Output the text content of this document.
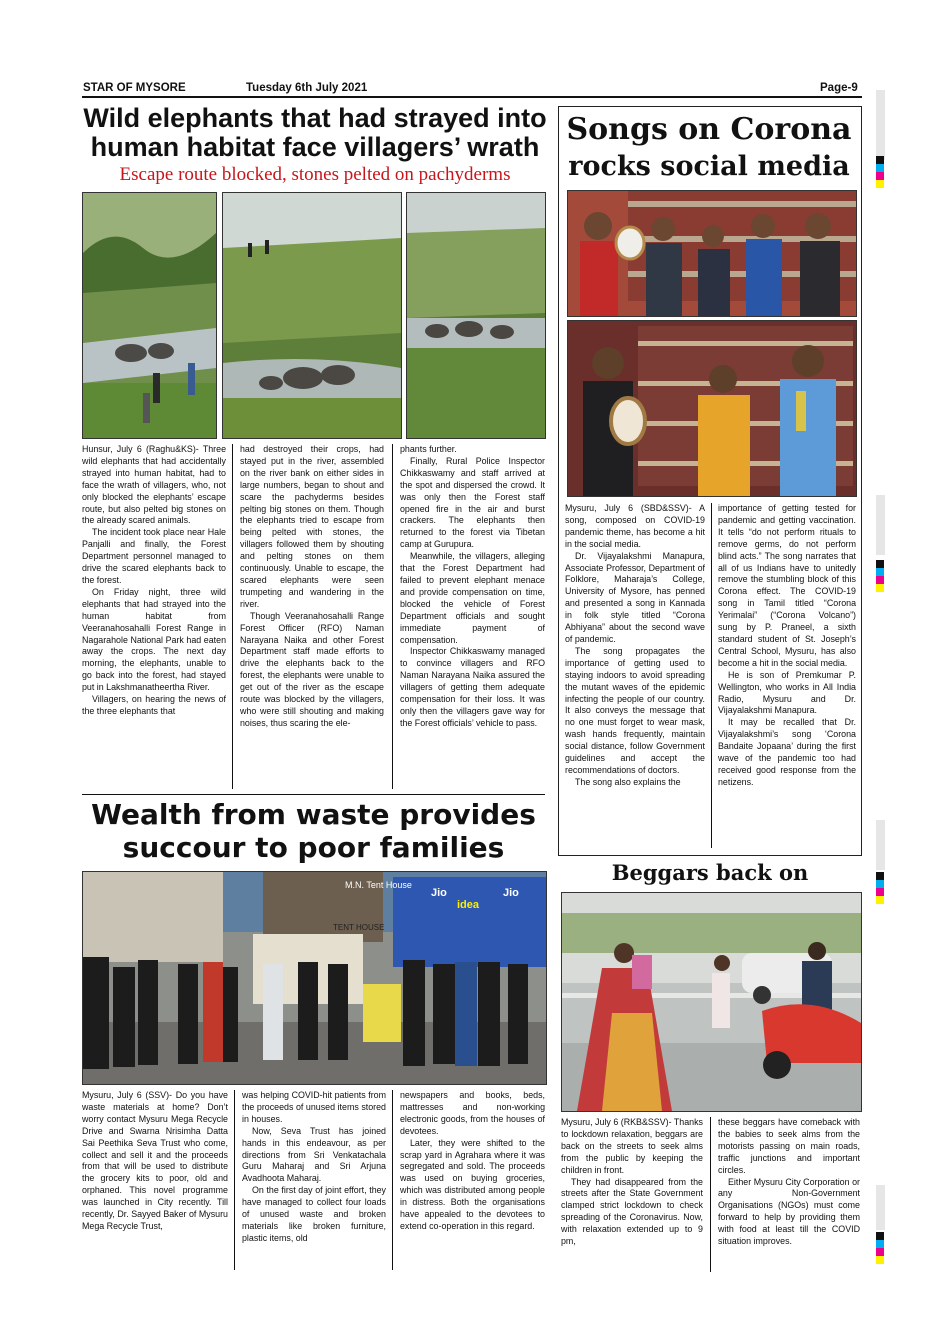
STAR OF MYSORE	Tuesday 6th July 2021	Page-9
Wild elephants that had strayed into
human habitat face villagers’ wrath
Escape route blocked, stones pelted on pachyderms

Hunsur, July 6 (Raghu&KS)- Three wild elephants that had accidentally strayed into human habitat, had to face the wrath of villagers, who, not only blocked the elephants’ escape route, but also pelted big stones on the already scared animals.

The incident took place near Hale Panjalli and finally, the Forest Department personnel managed to drive the scared elephants back to the forest.

On Friday night, three wild elephants that had strayed into the human habitat from Veeranahosahalli Forest Range in Nagarahole National Park had eaten away the crops. The next day morning, the elephants, unable to go back into the forest, had stayed put in Lakshmanatheertha River.

Villagers, on hearing the news of the three elephants that

had destroyed their crops, had stayed put in the river, assembled on the river bank on either sides in large numbers, began to shout and scare the pachyderms besides pelting big stones on them. Though the elephants tried to escape from being pelted with stones, the villagers followed them by shouting and pelting stones on them continuously. Unable to escape, the scared elephants were seen trumpeting and wandering in the river.

Though Veeranahosahalli Range Forest Officer (RFO) Naman Narayana Naika and other Forest Department staff made efforts to drive the elephants back to the forest, the elephants were unable to get out of the river as the escape route was blocked by the villagers, who were still shouting and making noises, thus scaring the ele-

phants further.

Finally, Rural Police Inspector Chikkaswamy and staff arrived at the spot and dispersed the crowd. It was only then the Forest staff opened fire in the air and burst crackers. The elephants then returned to the forest via Tibetan camp at Gurupura.

Meanwhile, the villagers, alleging that the Forest Department had failed to prevent elephant menace and provide compensation on time, blocked the vehicle of Forest Department officials and sought immediate payment of compensation.

Inspector Chikkaswamy managed to convince villagers and RFO Naman Narayana Naika assured the villagers of getting them adequate compensation for their loss. It was only then the villagers gave way for the Forest officials’ vehicle to pass.

Songs on Corona
rocks social media

Mysuru, July 6 (SBD&SSV)- A song, composed on COVID-19 pandemic theme, has become a hit in the social media.

Dr. Vijayalakshmi Manapura, Associate Professor, Department of Folklore, Maharaja’s College, University of Mysore, has penned and presented a song in Kannada in folk style titled “Corona Abhiyana” about the second wave of pandemic.

The song propagates the importance of getting used to staying indoors to avoid spreading the mutant waves of the epidemic infecting the people of our country. It also conveys the message that no one must forget to wear mask, wash hands frequently, maintain social distance, follow Government guidelines and accept the recommendations of doctors.

The song also explains the

importance of getting tested for pandemic and getting vaccination. It tells “do not perform rituals to remove germs, do not perform blind acts.” The song narrates that all of us Indians have to unitedly remove the stumbling block of this Corona effect. The COVID-19 song in Tamil titled “Corona Yerimalai” (“Corona Volcano”) sung by P. Praneel, a sixth standard student of St. Joseph’s Central School, Mysuru, has also become a hit in the social media.

He is son of Premkumar P. Wellington, who works in All India Radio, Mysuru and Dr. Vijayalakshmi Manapura.

It may be recalled that Dr. Vijayalakshmi’s song ‘Corona Bandaite Jopaana’ during the first wave of the pandemic too had received good response from the netizens.

Wealth from waste provides
succour to poor families
M.N. Tent House
TENT HOUSE
Jio
idea
Jio

Mysuru, July 6 (SSV)- Do you have waste materials at home? Don’t worry contact Mysuru Mega Recycle Drive and Swarna Nrisimha Datta Sai Peethika Seva Trust who come, collect and sell it and the proceeds from that will be used to distribute the grocery kits to poor, old and orphaned. This novel programme was launched in City recently. Till recently, Dr. Sayyed Baker of Mysuru Mega Recycle Trust,

was helping COVID-hit patients from the proceeds of unused items stored in houses.

Now, Seva Trust has joined hands in this endeavour, as per directions from Sri Venkatachala Guru Maharaj and Sri Arjuna Avadhoota Maharaj.

On the first day of joint effort, they have managed to collect four loads of unused waste and broken materials like broken furniture, plastic items, old

newspapers and books, beds, mattresses and non-working electronic goods, from the houses of devotees.

Later, they were shifted to the scrap yard in Agrahara where it was segregated and sold. The proceeds was used on buying groceries, which was distributed among people in distress. Both the organisations have appealed to the devotees to extend co-operation in this regard.

Beggars back on

Mysuru, July 6 (RKB&SSV)- Thanks to lockdown relaxation, beggars are back on the streets to seek alms from the public by keeping the children in front.

They had disappeared from the streets after the State Government clamped strict lockdown to check spreading of the Coronavirus. Now, with relaxation extended up to 9 pm,

these beggars have comeback with the babies to seek alms from the motorists passing on main roads, traffic junctions and important circles.

Either Mysuru City Corporation or any Non-Government Organisations (NGOs) must come forward to help by providing them with food at least till the COVID situation improves.
